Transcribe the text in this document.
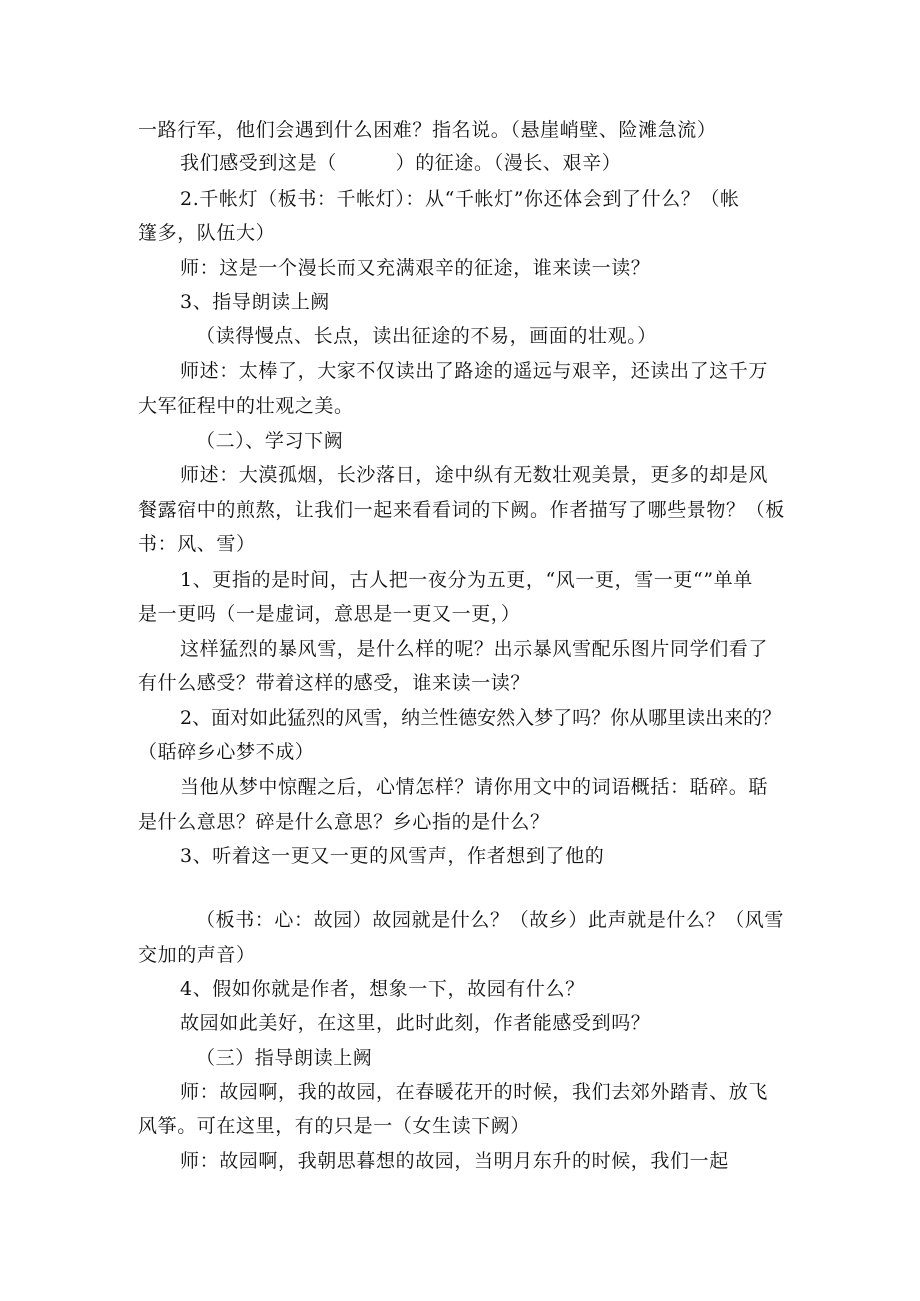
一路行军，他们会遇到什么困难？指名说。（悬崖峭壁、险滩急流）
我们感受到这是（　　　）的征途。（漫长、艰辛）
2.千帐灯（板书：千帐灯）：从“千帐灯”你还体会到了什么？（帐
篷多，队伍大）
师：这是一个漫长而又充满艰辛的征途，谁来读一读？
3、指导朗读上阙
（读得慢点、长点，读出征途的不易，画面的壮观。）
师述：太棒了，大家不仅读出了路途的遥远与艰辛，还读出了这千万
大军征程中的壮观之美。
（二）、学习下阙
师述：大漠孤烟，长沙落日，途中纵有无数壮观美景，更多的却是风
餐露宿中的煎熬，让我们一起来看看词的下阙。作者描写了哪些景物？（板
书：风、雪）
1、更指的是时间，古人把一夜分为五更，“风一更，雪一更“”单单
是一更吗（一是虚词，意思是一更又一更，）
这样猛烈的暴风雪，是什么样的呢？出示暴风雪配乐图片同学们看了
有什么感受？带着这样的感受，谁来读一读？
2、面对如此猛烈的风雪，纳兰性德安然入梦了吗？你从哪里读出来的？
（聒碎乡心梦不成）
当他从梦中惊醒之后，心情怎样？请你用文中的词语概括：聒碎。聒
是什么意思？碎是什么意思？乡心指的是什么？
3、听着这一更又一更的风雪声，作者想到了他的
（板书：心：故园）故园就是什么？（故乡）此声就是什么？（风雪
交加的声音）
4、假如你就是作者，想象一下，故园有什么？
故园如此美好，在这里，此时此刻，作者能感受到吗？
（三）指导朗读上阙
师：故园啊，我的故园，在春暖花开的时候，我们去郊外踏青、放飞
风筝。可在这里，有的只是一（女生读下阙）
师：故园啊，我朝思暮想的故园，当明月东升的时候，我们一起
